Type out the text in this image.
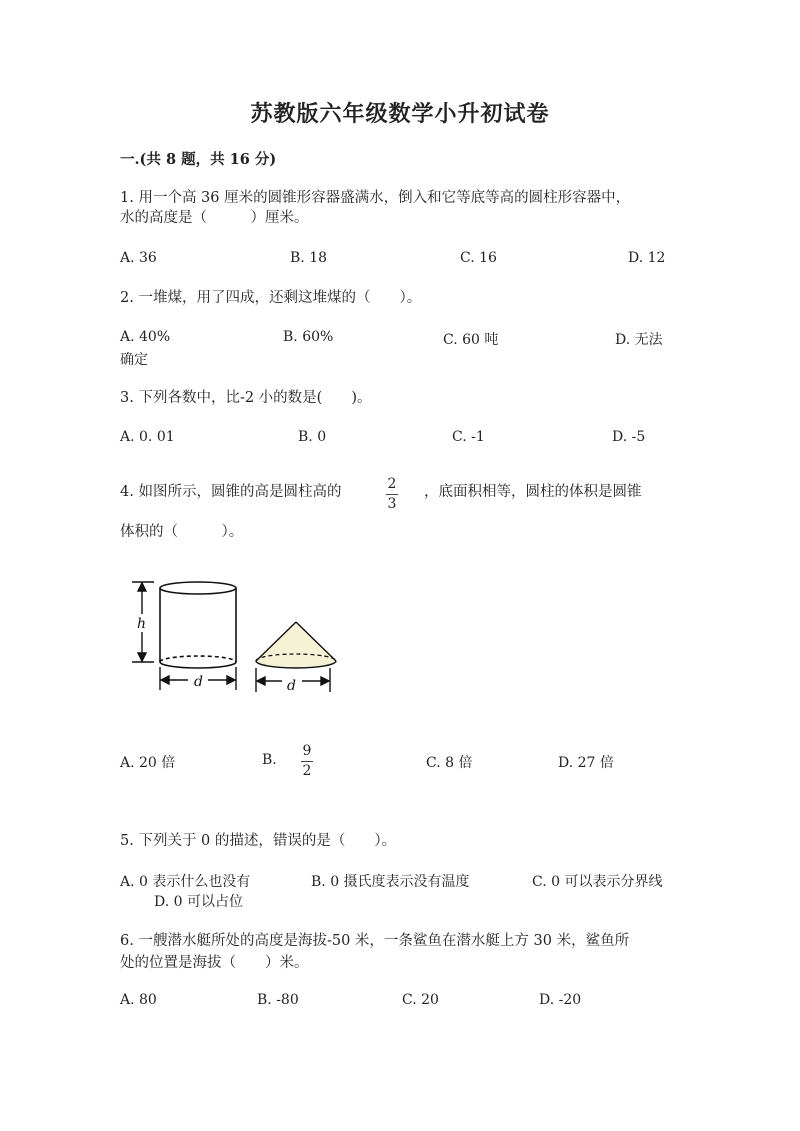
苏教版六年级数学小升初试卷
一.(共 8 题，共 16 分)
1. 用一个高 36 厘米的圆锥形容器盛满水，倒入和它等底等高的圆柱形容器中，
水的高度是（　　　）厘米。
A. 36	B. 18	C. 16	D. 12
2. 一堆煤，用了四成，还剩这堆煤的（　　）。
A. 40%	B. 60%	C. 60 吨	D. 无法
确定
3. 下列各数中，比-2 小的数是(　　)。
A. 0. 01	B. 0	C. -1	D. -5
4. 如图所示，圆锥的高是圆柱高的	2
3
，底面积相等，圆柱的体积是圆锥
体积的（　　　）。
h
d	d
A. 20 倍	B.
9
2	C. 8 倍	D. 27 倍
5. 下列关于 0 的描述，错误的是（　　）。
A. 0 表示什么也没有	B. 0 摄氏度表示没有温度	C. 0 可以表示分界线
D. 0 可以占位
6. 一艘潜水艇所处的高度是海拔-50 米，一条鲨鱼在潜水艇上方 30 米，鲨鱼所
处的位置是海拔（　　）米。
A. 80	B. -80	C. 20	D. -20
